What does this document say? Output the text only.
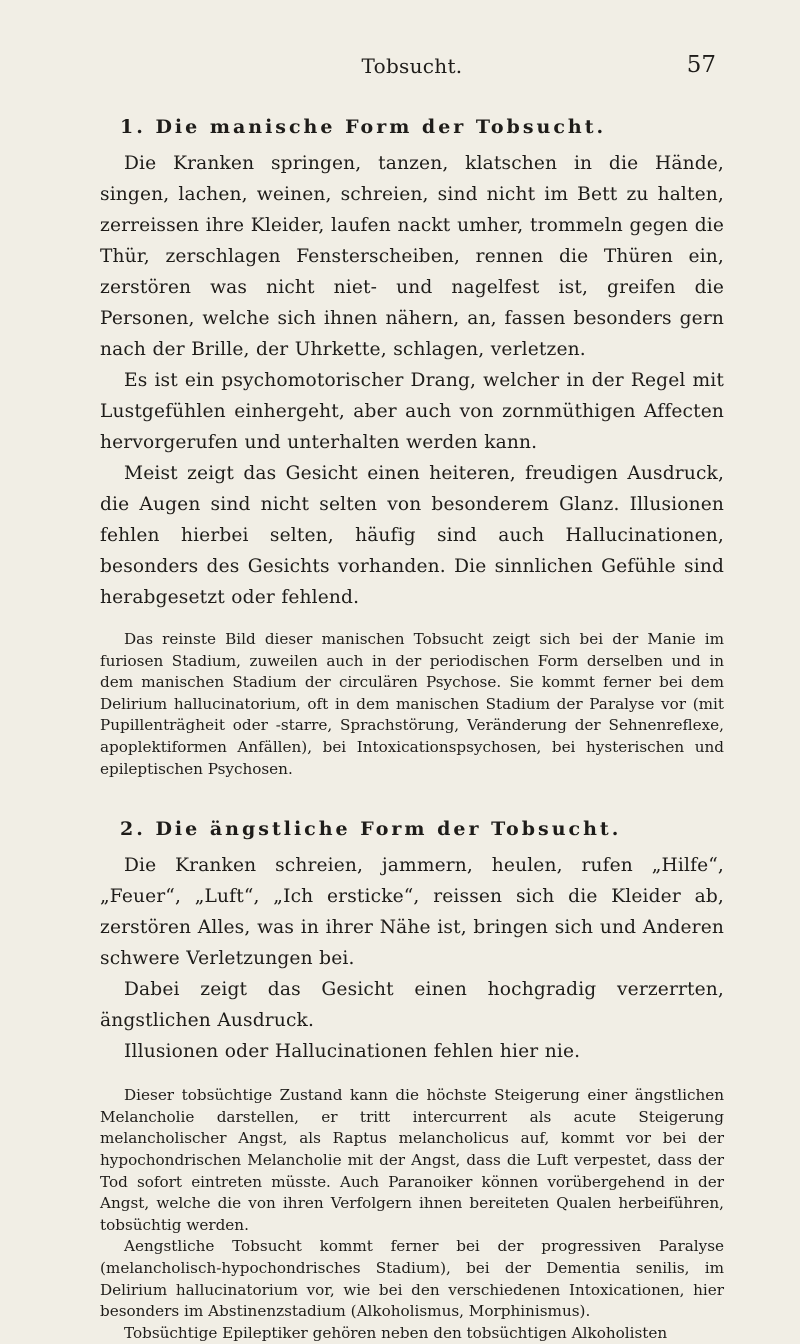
Tobsucht.	57
1. Die manische Form der Tobsucht.

Die Kranken springen, tanzen, klatschen in die Hände, singen, lachen, weinen, schreien, sind nicht im Bett zu halten, zerreissen ihre Kleider, laufen nackt umher, trommeln gegen die Thür, zerschlagen Fensterscheiben, rennen die Thüren ein, zerstören was nicht niet- und nagelfest ist, greifen die Personen, welche sich ihnen nähern, an, fassen besonders gern nach der Brille, der Uhrkette, schlagen, verletzen.

Es ist ein psychomotorischer Drang, welcher in der Regel mit Lustgefühlen einhergeht, aber auch von zornmüthigen Affecten hervorgerufen und unterhalten werden kann.

Meist zeigt das Gesicht einen heiteren, freudigen Ausdruck, die Augen sind nicht selten von besonderem Glanz. Illusionen fehlen hierbei selten, häufig sind auch Hallucinationen, besonders des Gesichts vorhanden. Die sinnlichen Gefühle sind herabgesetzt oder fehlend.

Das reinste Bild dieser manischen Tobsucht zeigt sich bei der Manie im furiosen Stadium, zuweilen auch in der periodischen Form derselben und in dem manischen Stadium der circulären Psychose. Sie kommt ferner bei dem Delirium hallucinatorium, oft in dem manischen Stadium der Paralyse vor (mit Pupillenträgheit oder -starre, Sprachstörung, Veränderung der Sehnenreflexe, apoplektiformen Anfällen), bei Intoxicationspsychosen, bei hysterischen und epileptischen Psychosen.

2. Die ängstliche Form der Tobsucht.

Die Kranken schreien, jammern, heulen, rufen „Hilfe“, „Feuer“, „Luft“, „Ich ersticke“, reissen sich die Kleider ab, zerstören Alles, was in ihrer Nähe ist, bringen sich und Anderen schwere Verletzungen bei.

Dabei zeigt das Gesicht einen hochgradig verzerrten, ängstlichen Ausdruck.

Illusionen oder Hallucinationen fehlen hier nie.

Dieser tobsüchtige Zustand kann die höchste Steigerung einer ängstlichen Melancholie darstellen, er tritt intercurrent als acute Steigerung melancholischer Angst, als Raptus melancholicus auf, kommt vor bei der hypochondrischen Melancholie mit der Angst, dass die Luft verpestet, dass der Tod sofort eintreten müsste. Auch Paranoiker können vorübergehend in der Angst, welche die von ihren Verfolgern ihnen bereiteten Qualen herbeiführen, tobsüchtig werden.

Aengstliche Tobsucht kommt ferner bei der progressiven Paralyse (melancholisch-hypochondrisches Stadium), bei der Dementia senilis, im Delirium hallucinatorium vor, wie bei den verschiedenen Intoxicationen, hier besonders im Abstinenzstadium (Alkoholismus, Morphinismus).

Tobsüchtige Epileptiker gehören neben den tobsüchtigen Alkoholisten
